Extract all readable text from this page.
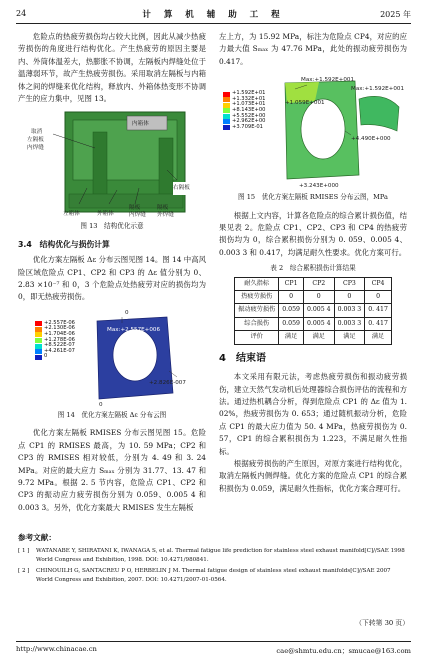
24	计 算 机 辅 助 工 程	2025 年

危险点的热疲劳损伤均占较大比例，因此从减少热疲劳损伤的角度进行结构优化。产生热疲劳的原因主要是内、外筒体温差大，热膨胀不协调，左隔板内焊缝处位于温薄弱环节，故产生热疲劳损伤。采用取消左隔板与内箱体之间的焊缝来优化结构，释放内、外箱体热变形不协调产生的应力集中，见图 13。

取消
左隔板
内焊缝
内箱体
右隔板
左箱体	外箱体
隔板
内焊缝
隔板
外焊缝
图 13　结构优化示意
3.4　结构优化与损伤计算

优化方案左隔板 Δε 分布云图见图 14。图 14 中高风险区域危险点 CP1、CP2 和 CP3 的 Δε 值分别为 0、2.83 ×10⁻⁷ 和 0，3 个危险点处热疲劳对应的损伤均为 0，即无热疲劳损伤。

+2.557E-06
+2.130E-06
+1.704E-06
+1.278E-06
+8.522E-07
+4.261E-07
0
0
Max:+2.557E+006
+2.826E-007
0
图 14　优化方案左隔板 Δε 分布云图

优化方案左隔板 RMISES 分布云图见图 15。危险点 CP1 的 RMISES 最高，为 10. 59 MPa；CP2 和 CP3 的 RMISES 相对较低，分别为 4. 49 和 3. 24 MPa。对应的最大应力 Sₘₐₓ 分别为 31.77、13. 47 和 9.72 MPa。根据 2. 5 节内容，危险点 CP1、CP2 和 CP3 的振动应力疲劳损伤分别为 0.059、0.005 4 和 0.003 3。另外，优化方案最大 RMISES 发生左隔板

左上方，为 15.92 MPa，标注为危险点 CP4，对应的应力最大值 Sₘₐₓ 为 47.76 MPa，此处的振动疲劳损伤为 0.417。

+1.592E+01
+1.332E+01
+1.073E+01
+8.143E+00
+5.552E+00
+2.962E+00
+3.709E-01
Max:+1.592E+001
Max:+1.592E+001
+1.059E+001
+4.490E+000
+3.243E+000
图 15　优化方案左隔板 RMISES 分布云图，MPa

根据上文内容，计算各危险点的综合累计损伤值，结果见表 2。危险点 CP1、CP2、CP3 和 CP4 的热疲劳损伤均为 0，综合累积损伤分别为 0. 059、0.005 4、0.003 3 和 0.417，均满足耐久性要求。优化方案可行。

表 2　综合累积损伤计算结果
耐久指标	CP1	CP2	CP3	CP4
热疲劳损伤	0	0	0	0
振动疲劳损伤	0.059	0.005 4	0.003 3	0. 417
综合损伤	0.059	0.005 4	0.003 3	0. 417
评价	满足	满足	满足	满足
4　结束语

本文采用有限元法，考虑热疲劳损伤和振动疲劳损伤，建立天然气发动机后处理器综合损伤评估的流程和方法。通过热机耦合分析，得到危险点 CP1 的 Δε 值为 1. 02%，热疲劳损伤为 0. 653；通过随机振动分析，危险点 CP1 的最大应力值为 50. 4 MPa，热疲劳损伤为 0. 57，CP1 的综合累积损伤为 1.223，不满足耐久性指标。

根据疲劳损伤的产生原因，对原方案进行结构优化，取消左隔板内侧焊缝。优化方案的危险点 CP1 的综合累积损伤为 0.059，满足耐久性指标，优化方案合理可行。

参考文献：
[ 1 ]	WATANABE Y, SHIRATANI K, IWANAGA S, et al. Thermal fatigue life prediction for stainless steel exhaust manifold[C]//SAE 1998 World Congress and Exhibition, 1998. DOI: 10.4271/980841.
[ 2 ]	CHINOUILH G, SANTACREU P O, HERBELIN J M. Thermal fatigue design of stainless steel exhaust manifolds[C]//SAE 2007 World Congress and Exhibition, 2007. DOI: 10.4271/2007-01-0564.
（下转第 30 页）
http://www.chinacae.cn	cae@shmtu.edu.cn；smucae@163.com
